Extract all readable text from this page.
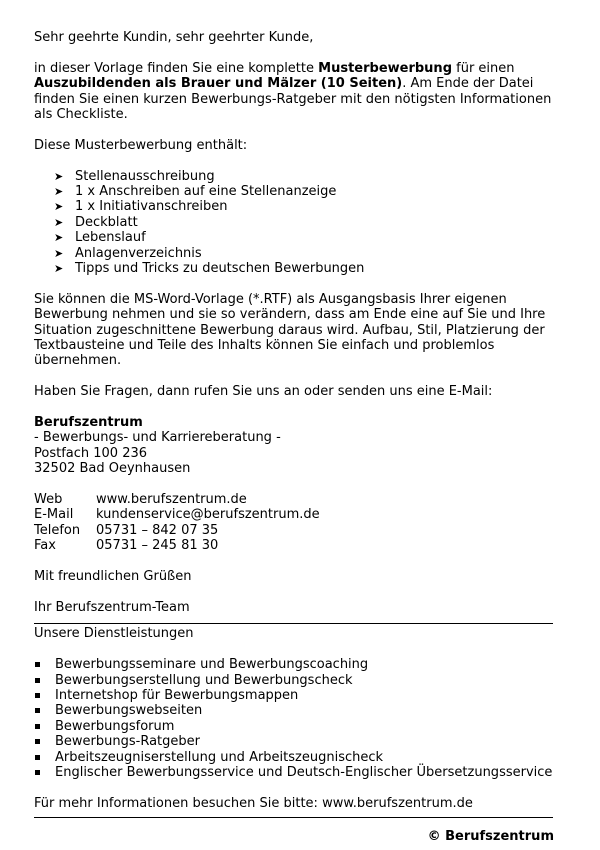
Sehr geehrte Kundin, sehr geehrter Kunde,

in dieser Vorlage finden Sie eine komplette Musterbewerbung für einen Auszubildenden als Brauer und Mälzer (10 Seiten). Am Ende der Datei finden Sie einen kurzen Bewerbungs-Ratgeber mit den nötigsten Informationen als Checkliste.

Diese Musterbewerbung enthält:

➤ Stellenausschreibung
➤ 1 x Anschreiben auf eine Stellenanzeige
➤ 1 x Initiativanschreiben
➤ Deckblatt
➤ Lebenslauf
➤ Anlagenverzeichnis
➤ Tipps und Tricks zu deutschen Bewerbungen

Sie können die MS-Word-Vorlage (*.RTF) als Ausgangsbasis Ihrer eigenen Bewerbung nehmen und sie so verändern, dass am Ende eine auf Sie und Ihre Situation zugeschnittene Bewerbung daraus wird. Aufbau, Stil, Platzierung der Textbausteine und Teile des Inhalts können Sie einfach und problemlos übernehmen.

Haben Sie Fragen, dann rufen Sie uns an oder senden uns eine E-Mail:

Berufszentrum

- Bewerbungs- und Karriereberatung -

Postfach 100 236

32502 Bad Oeynhausen

Web	www.berufszentrum.de
E-Mail	kundenservice@berufszentrum.de
Telefon	05731 – 842 07 35
Fax	05731 – 245 81 30

Mit freundlichen Grüßen

Ihr Berufszentrum-Team

Unsere Dienstleistungen

Bewerbungsseminare und Bewerbungscoaching
Bewerbungserstellung und Bewerbungscheck
Internetshop für Bewerbungsmappen
Bewerbungswebseiten
Bewerbungsforum
Bewerbungs-Ratgeber
Arbeitszeugniserstellung und Arbeitszeugnischeck
Englischer Bewerbungsservice und Deutsch-Englischer Übersetzungsservice

Für mehr Informationen besuchen Sie bitte: www.berufszentrum.de

© Berufszentrum
